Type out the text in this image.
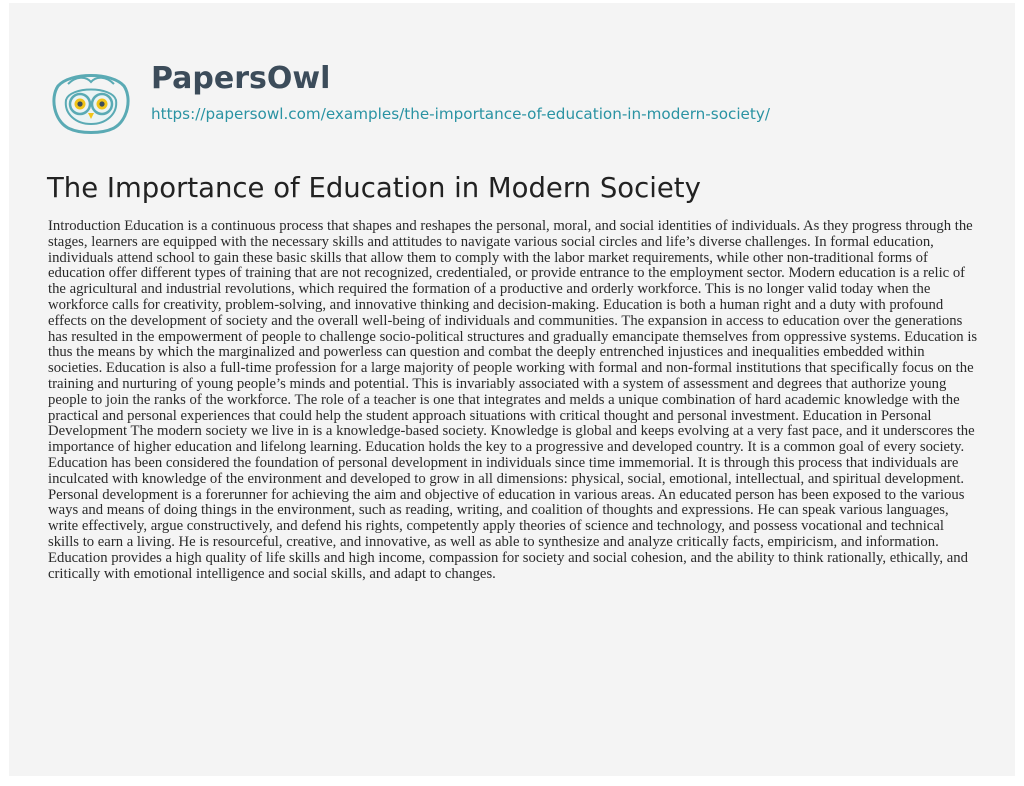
PapersOwl
https://papersowl.com/examples/the-importance-of-education-in-modern-society/
The Importance of Education in Modern Society

Introduction Education is a continuous process that shapes and reshapes the personal, moral, and social identities of individuals. As they progress through the stages, learners are equipped with the necessary skills and attitudes to navigate various social circles and life’s diverse challenges. In formal education, individuals attend school to gain these basic skills that allow them to comply with the labor market requirements, while other non-traditional forms of education offer different types of training that are not recognized, credentialed, or provide entrance to the employment sector. Modern education is a relic of the agricultural and industrial revolutions, which required the formation of a productive and orderly workforce. This is no longer valid today when the workforce calls for creativity, problem-solving, and innovative thinking and decision-making. Education is both a human right and a duty with profound effects on the development of society and the overall well-being of individuals and communities. The expansion in access to education over the generations has resulted in the empowerment of people to challenge socio-political structures and gradually emancipate themselves from oppressive systems. Education is thus the means by which the marginalized and powerless can question and combat the deeply entrenched injustices and inequalities embedded within societies. Education is also a full-time profession for a large majority of people working with formal and non-formal institutions that specifically focus on the training and nurturing of young people’s minds and potential. This is invariably associated with a system of assessment and degrees that authorize young people to join the ranks of the workforce. The role of a teacher is one that integrates and melds a unique combination of hard academic knowledge with the practical and personal experiences that could help the student approach situations with critical thought and personal investment. Education in Personal Development The modern society we live in is a knowledge-based society. Knowledge is global and keeps evolving at a very fast pace, and it underscores the importance of higher education and lifelong learning. Education holds the key to a progressive and developed country. It is a common goal of every society. Education has been considered the foundation of personal development in individuals since time immemorial. It is through this process that individuals are inculcated with knowledge of the environment and developed to grow in all dimensions: physical, social, emotional, intellectual, and spiritual development. Personal development is a forerunner for achieving the aim and objective of education in various areas. An educated person has been exposed to the various ways and means of doing things in the environment, such as reading, writing, and coalition of thoughts and expressions. He can speak various languages, write effectively, argue constructively, and defend his rights, competently apply theories of science and technology, and possess vocational and technical skills to earn a living. He is resourceful, creative, and innovative, as well as able to synthesize and analyze critically facts, empiricism, and information. Education provides a high quality of life skills and high income, compassion for society and social cohesion, and the ability to think rationally, ethically, and critically with emotional intelligence and social skills, and adapt to changes.
